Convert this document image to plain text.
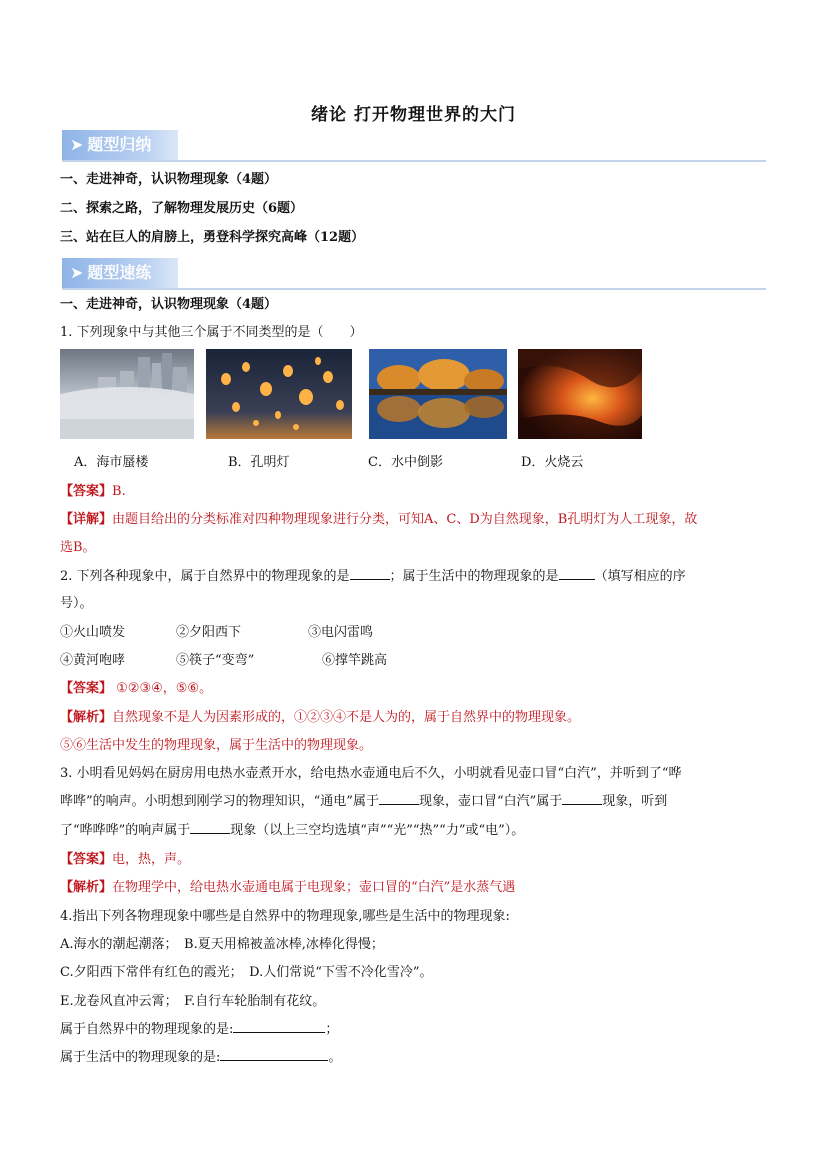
绪论 打开物理世界的大门
➤ 题型归纳
一、走进神奇，认识物理现象（4题）
二、探索之路，了解物理发展历史（6题）
三、站在巨人的肩膀上，勇登科学探究高峰（12题）
➤ 题型速练
一、走进神奇，认识物理现象（4题）
1. 下列现象中与其他三个属于不同类型的是（　　）
A．海市蜃楼	B．孔明灯	C．水中倒影	D．火烧云
【答案】B.
【详解】由题目给出的分类标准对四种物理现象进行分类，可知A、C、D为自然现象，B孔明灯为人工现象，故
选B。
2. 下列各种现象中，属于自然界中的物理现象的是	；属于生活中的物理现象的是	（填写相应的序
号）。
①火山喷发	②夕阳西下	③电闪雷鸣
④黄河咆哮	⑤筷子“变弯”	⑥撑竿跳高
【答案】 ①②③④，⑤⑥。
【解析】自然现象不是人为因素形成的，①②③④不是人为的，属于自然界中的物理现象。
⑤⑥生活中发生的物理现象，属于生活中的物理现象。
3. 小明看见妈妈在厨房用电热水壶煮开水，给电热水壶通电后不久，小明就看见壶口冒“白汽”，并听到了“哗
哗哗”的响声。小明想到刚学习的物理知识，“通电”属于	现象，壶口冒“白汽”属于	现象，听到
了“哗哗哗”的响声属于	现象（以上三空均选填“声”“光”“热”“力”或“电”）。
【答案】电，热，声。
【解析】在物理学中，给电热水壶通电属于电现象；壶口冒的“白汽”是水蒸气遇
4.指出下列各物理现象中哪些是自然界中的物理现象,哪些是生活中的物理现象:
A.海水的潮起潮落；　B.夏天用棉被盖冰棒,冰棒化得慢；
C.夕阳西下常伴有红色的霞光；　D.人们常说“下雪不冷化雪冷”。
E.龙卷风直冲云霄；　F.自行车轮胎制有花纹。
属于自然界中的物理现象的是:	；
属于生活中的物理现象的是:	。
